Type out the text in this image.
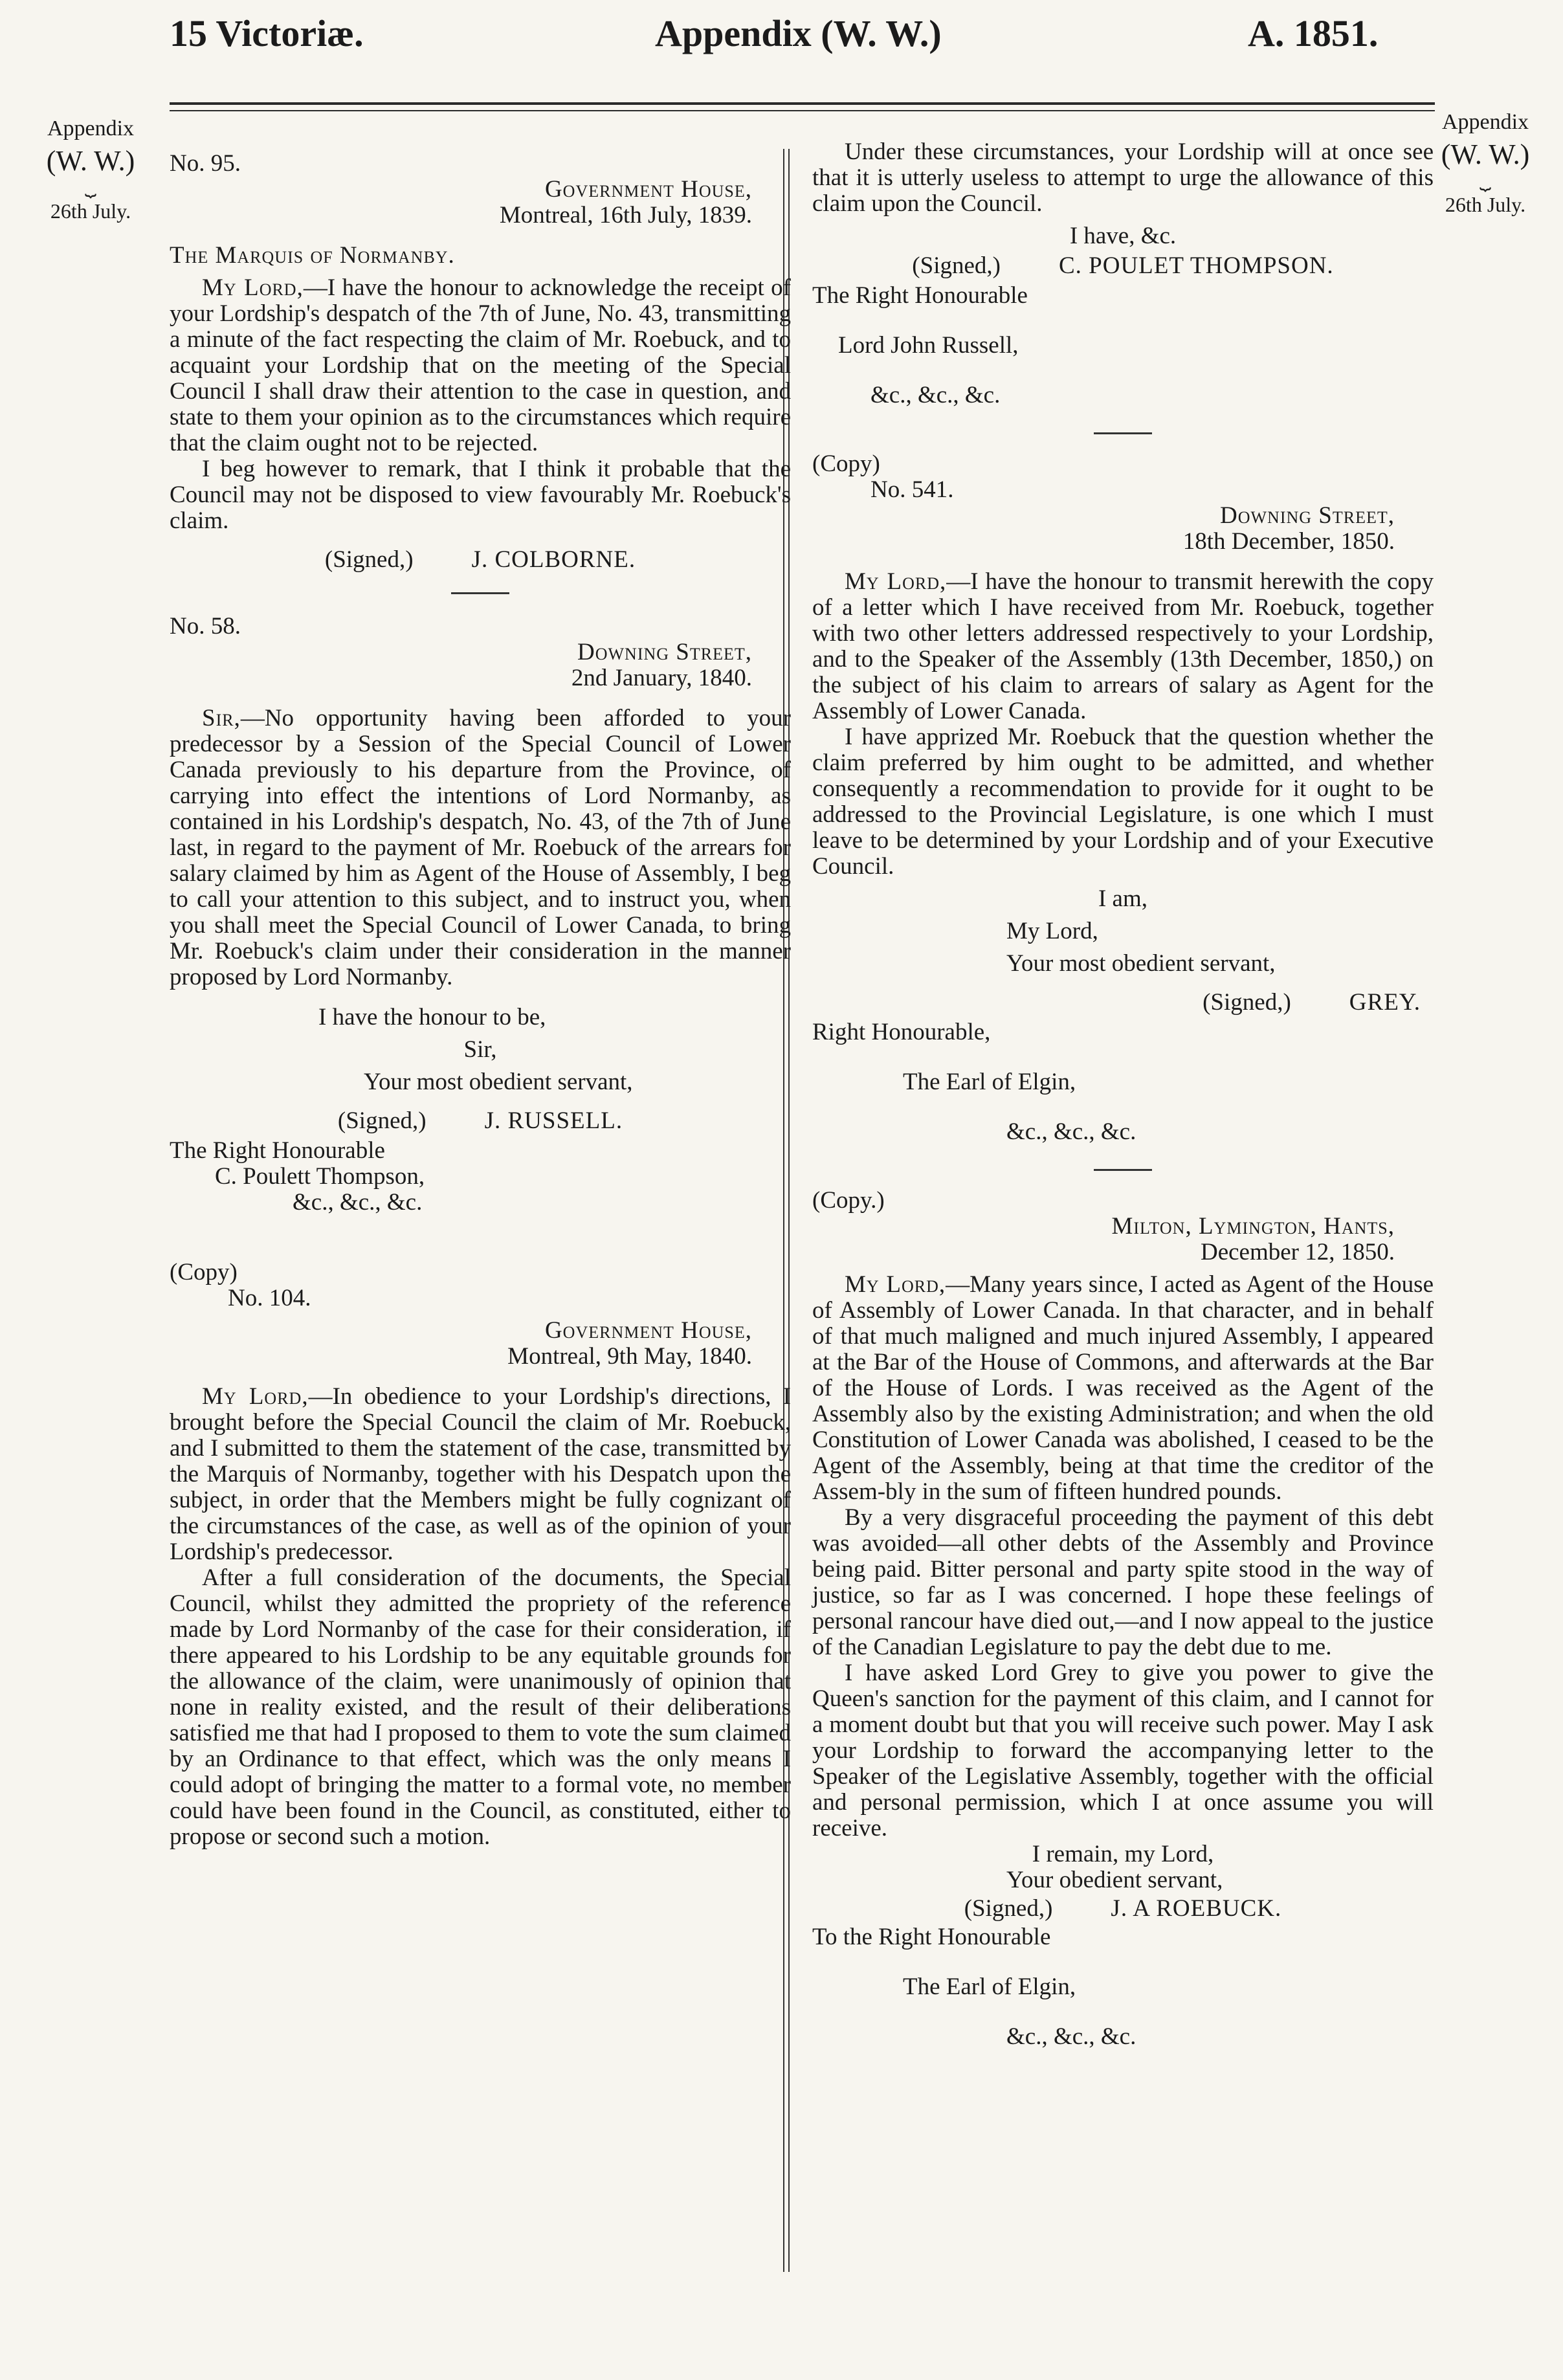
15 Victoriæ.	Appendix (W. W.)	A. 1851.
Appendix
(W. W.)
⏟
26th July.
Appendix
(W. W.)
⏟
26th July.

No. 95.

Government House,

Montreal, 16th July, 1839.

The Marquis of Normanby.

My Lord,—I have the honour to acknowledge the receipt of your Lordship's despatch of the 7th of June, No. 43, transmitting a minute of the fact respecting the claim of Mr. Roebuck, and to acquaint your Lordship that on the meeting of the Special Council I shall draw their attention to the case in question, and state to them your opinion as to the circumstances which require that the claim ought not to be rejected.

I beg however to remark, that I think it probable that the Council may not be disposed to view favourably Mr. Roebuck's claim.

(Signed,) J. COLBORNE.

No. 58.

Downing Street,

2nd January, 1840.

Sir,—No opportunity having been afforded to your predecessor by a Session of the Special Council of Lower Canada previously to his departure from the Province, of carrying into effect the intentions of Lord Normanby, as contained in his Lordship's despatch, No. 43, of the 7th of June last, in regard to the payment of Mr. Roebuck of the arrears for salary claimed by him as Agent of the House of Assembly, I beg to call your attention to this subject, and to instruct you, when you shall meet the Special Council of Lower Canada, to bring Mr. Roebuck's claim under their consideration in the manner proposed by Lord Normanby.

I have the honour to be,

Sir,

Your most obedient servant,

(Signed,) J. RUSSELL.

The Right Honourable

C. Poulett Thompson,

&c., &c., &c.

(Copy)

No. 104.

Government House,

Montreal, 9th May, 1840.

My Lord,—In obedience to your Lordship's directions, I brought before the Special Council the claim of Mr. Roebuck, and I submitted to them the statement of the case, transmitted by the Marquis of Normanby, together with his Despatch upon the subject, in order that the Members might be fully cognizant of the circumstances of the case, as well as of the opinion of your Lordship's predecessor.

After a full consideration of the documents, the Special Council, whilst they admitted the propriety of the reference made by Lord Normanby of the case for their consideration, if there appeared to his Lordship to be any equitable grounds for the allowance of the claim, were unanimously of opinion that none in reality existed, and the result of their deliberations satisfied me that had I proposed to them to vote the sum claimed by an Ordinance to that effect, which was the only means I could adopt of bringing the matter to a formal vote, no member could have been found in the Council, as constituted, either to propose or second such a motion.

Under these circumstances, your Lordship will at once see that it is utterly useless to attempt to urge the allowance of this claim upon the Council.

I have, &c.

(Signed,) C. POULET THOMPSON.

The Right Honourable

Lord John Russell,

&c., &c., &c.

(Copy)

No. 541.

Downing Street,

18th December, 1850.

My Lord,—I have the honour to transmit herewith the copy of a letter which I have received from Mr. Roebuck, together with two other letters addressed respectively to your Lordship, and to the Speaker of the Assembly (13th December, 1850,) on the subject of his claim to arrears of salary as Agent for the Assembly of Lower Canada.

I have apprized Mr. Roebuck that the question whether the claim preferred by him ought to be admitted, and whether consequently a recommendation to provide for it ought to be addressed to the Provincial Legislature, is one which I must leave to be determined by your Lordship and of your Executive Council.

I am,

My Lord,

Your most obedient servant,

(Signed,) GREY.

Right Honourable,

The Earl of Elgin,

&c., &c., &c.

(Copy.)

Milton, Lymington, Hants,

December 12, 1850.

My Lord,—Many years since, I acted as Agent of the House of Assembly of Lower Canada. In that character, and in behalf of that much maligned and much injured Assembly, I appeared at the Bar of the House of Commons, and afterwards at the Bar of the House of Lords. I was received as the Agent of the Assembly also by the existing Administration; and when the old Constitution of Lower Canada was abolished, I ceased to be the Agent of the Assembly, being at that time the creditor of the Assem-bly in the sum of fifteen hundred pounds.

By a very disgraceful proceeding the payment of this debt was avoided—all other debts of the Assembly and Province being paid. Bitter personal and party spite stood in the way of justice, so far as I was concerned. I hope these feelings of personal rancour have died out,—and I now appeal to the justice of the Canadian Legislature to pay the debt due to me.

I have asked Lord Grey to give you power to give the Queen's sanction for the payment of this claim, and I cannot for a moment doubt but that you will receive such power. May I ask your Lordship to forward the accompanying letter to the Speaker of the Legislative Assembly, together with the official and personal permission, which I at once assume you will receive.

I remain, my Lord,

Your obedient servant,

(Signed,) J. A ROEBUCK.

To the Right Honourable

The Earl of Elgin,

&c., &c., &c.
